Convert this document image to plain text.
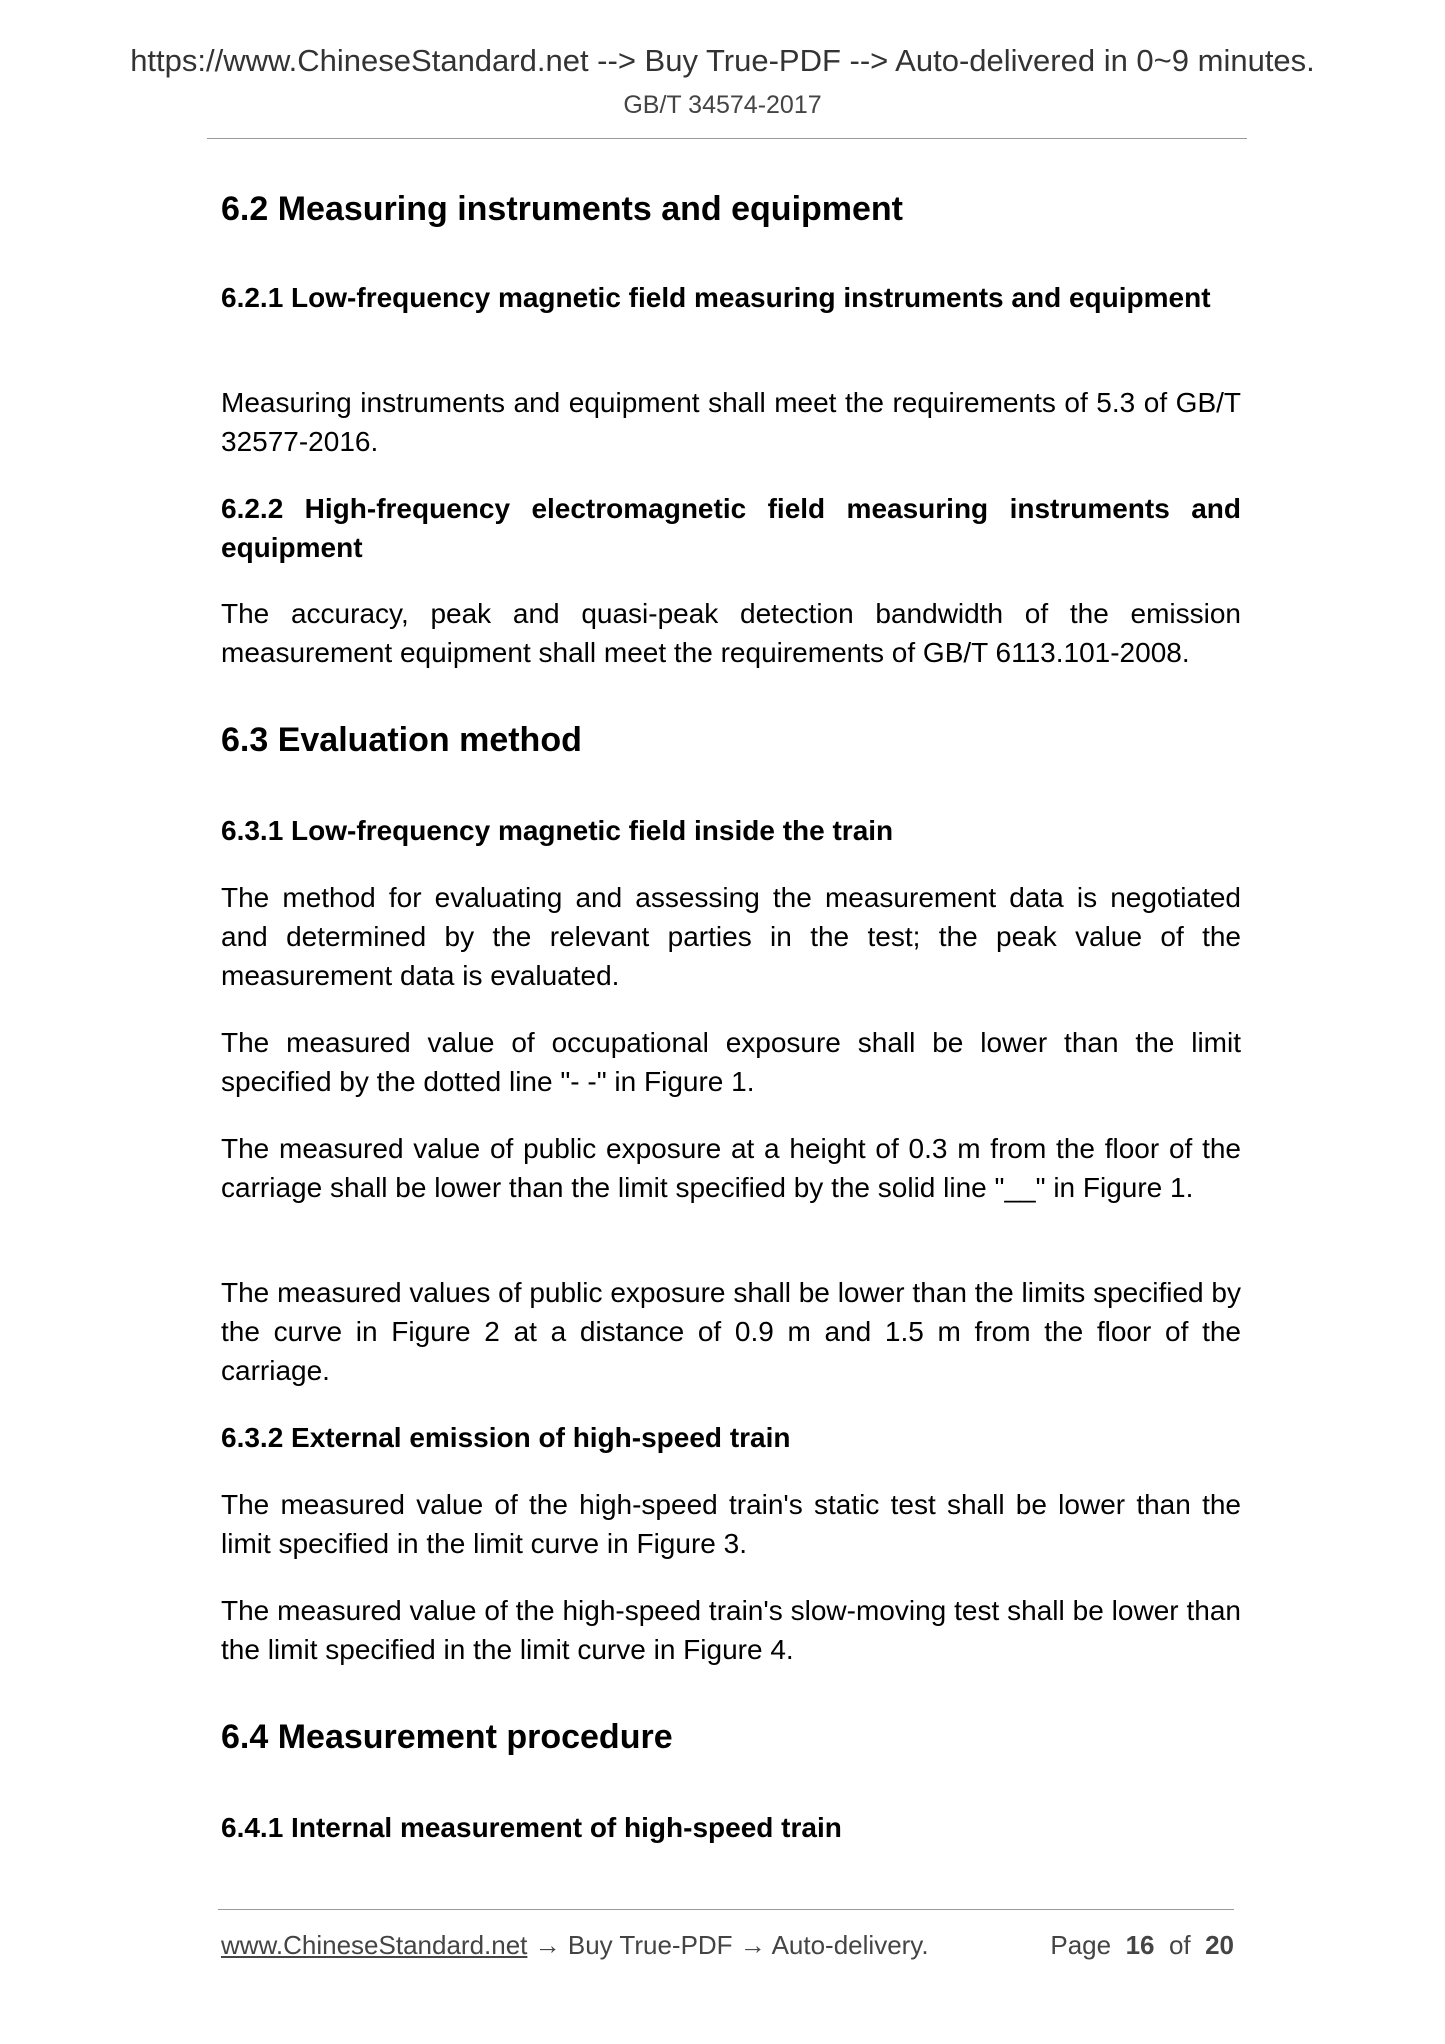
https://www.ChineseStandard.net --> Buy True-PDF --> Auto-delivered in 0~9 minutes.
GB/T 34574-2017
6.2 Measuring instruments and equipment
6.2.1 Low-frequency magnetic field measuring instruments and equipment
Measuring instruments and equipment shall meet the requirements of 5.3 of GB/T 32577-2016.
6.2.2 High-frequency electromagnetic field measuring instruments and equipment
The accuracy, peak and quasi-peak detection bandwidth of the emission measurement equipment shall meet the requirements of GB/T 6113.101-2008.
6.3 Evaluation method
6.3.1 Low-frequency magnetic field inside the train
The method for evaluating and assessing the measurement data is negotiated and determined by the relevant parties in the test; the peak value of the measurement data is evaluated.
The measured value of occupational exposure shall be lower than the limit specified by the dotted line "- -" in Figure 1.
The measured value of public exposure at a height of 0.3 m from the floor of the carriage shall be lower than the limit specified by the solid line "__" in Figure 1.
The measured values of public exposure shall be lower than the limits specified by the curve in Figure 2 at a distance of 0.9 m and 1.5 m from the floor of the carriage.
6.3.2 External emission of high-speed train
The measured value of the high-speed train's static test shall be lower than the limit specified in the limit curve in Figure 3.
The measured value of the high-speed train's slow-moving test shall be lower than the limit specified in the limit curve in Figure 4.
6.4 Measurement procedure
6.4.1 Internal measurement of high-speed train
www.ChineseStandard.net → Buy True-PDF → Auto-delivery.	Page 16 of 20
